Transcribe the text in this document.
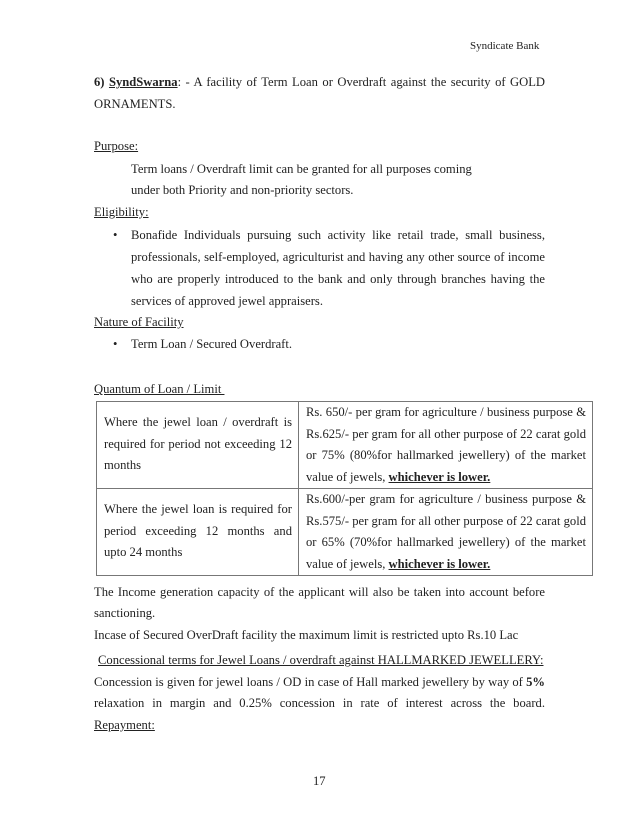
Syndicate Bank
6) SyndSwarna: - A facility of Term Loan or Overdraft against the security of GOLD
ORNAMENTS.
Purpose:
Term loans / Overdraft limit can be granted for all purposes coming
under both Priority and non-priority sectors.
Eligibility:
• Bonafide Individuals pursuing such activity like retail trade, small business,
professionals, self-employed, agriculturist and having any other source of income
who are properly introduced to the bank and only through branches having the
services of approved jewel appraisers.
Nature of Facility
• Term Loan / Secured Overdraft.
Quantum of Loan / Limit
Where the jewel loan / overdraft is required for period not exceeding 12 months	Rs. 650/- per gram for agriculture / business purpose & Rs.625/- per gram for all other purpose of 22 carat gold or 75% (80%for hallmarked jewellery) of the market value of jewels, whichever is lower.
Where the jewel loan is required for period exceeding 12 months and upto 24 months	Rs.600/-per gram for agriculture / business purpose & Rs.575/- per gram for all other purpose of 22 carat gold or 65% (70%for hallmarked jewellery) of the market value of jewels, whichever is lower.
The Income generation capacity of the applicant will also be taken into account before
sanctioning.
Incase of Secured OverDraft facility the maximum limit is restricted upto Rs.10 Lac
Concessional terms for Jewel Loans / overdraft against HALLMARKED JEWELLERY:
Concession is given for jewel loans / OD in case of Hall marked jewellery by way of 5%
relaxation in margin and 0.25% concession in rate of interest across the board.
Repayment:
17
